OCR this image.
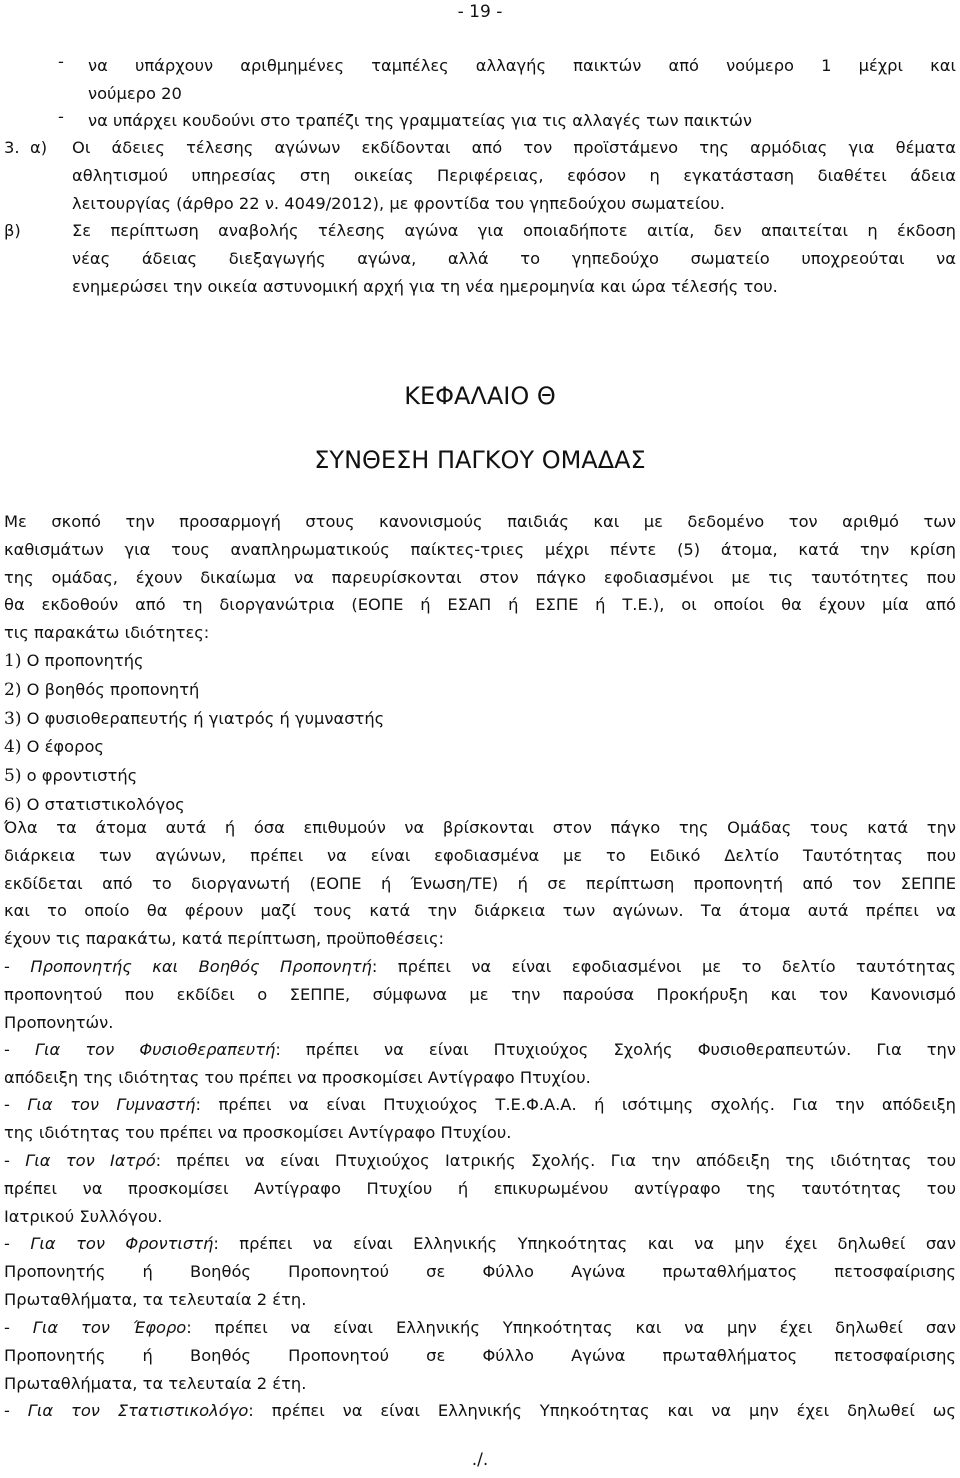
- 19 -
- να υπάρχουν αριθμημένες ταμπέλες αλλαγής παικτών από νούμερο 1 μέχρι και
νούμερο 20

- να υπάρχει κουδούνι στο τραπέζι της γραμματείας για τις αλλαγές των παικτών

3. α) Οι άδειες τέλεσης αγώνων εκδίδονται από τον προϊστάμενο της αρμόδιας για θέματα
αθλητισμού υπηρεσίας στη οικείας Περιφέρειας, εφόσον η εγκατάσταση διαθέτει άδεια
λειτουργίας (άρθρο 22 ν. 4049/2012), με φροντίδα του γηπεδούχου σωματείου.

β)	Σε περίπτωση αναβολής τέλεσης αγώνα για οποιαδήποτε αιτία, δεν απαιτείται η έκδοση
νέας άδειας διεξαγωγής αγώνα, αλλά το γηπεδούχο σωματείο υποχρεούται να
ενημερώσει την οικεία αστυνομική αρχή για τη νέα ημερομηνία και ώρα τέλεσής του.

ΚΕΦΑΛΑΙΟ Θ
ΣΥΝΘΕΣΗ ΠΑΓΚΟΥ ΟΜΑΔΑΣ

Με σκοπό την προσαρμογή στους κανονισμούς παιδιάς και με δεδομένο τον αριθμό των
καθισμάτων για τους αναπληρωματικούς παίκτες-τριες μέχρι πέντε (5) άτομα, κατά την κρίση
της ομάδας, έχουν δικαίωμα να παρευρίσκονται στον πάγκο εφοδιασμένοι με τις ταυτότητες που
θα εκδοθούν από τη διοργανώτρια (ΕΟΠΕ ή ΕΣΑΠ ή ΕΣΠΕ ή Τ.Ε.), οι οποίοι θα έχουν μία από
τις παρακάτω ιδιότητες:

1) Ο προπονητής
2) Ο βοηθός προπονητή
3) Ο φυσιοθεραπευτής ή γιατρός ή γυμναστής
4) Ο έφορος
5) ο φροντιστής
6) Ο στατιστικολόγος

Όλα τα άτομα αυτά ή όσα επιθυμούν να βρίσκονται στον πάγκο της Ομάδας τους κατά την
διάρκεια των αγώνων, πρέπει να είναι εφοδιασμένα με το Ειδικό Δελτίο Ταυτότητας που
εκδίδεται από το διοργανωτή (ΕΟΠΕ ή Ένωση/ΤΕ) ή σε περίπτωση προπονητή από τον ΣΕΠΠΕ
και το οποίο θα φέρουν μαζί τους κατά την διάρκεια των αγώνων. Τα άτομα αυτά πρέπει να
έχουν τις παρακάτω, κατά περίπτωση, προϋποθέσεις:

- Προπονητής και Βοηθός Προπονητή: πρέπει να είναι εφοδιασμένοι με το δελτίο ταυτότητας
προπονητού που εκδίδει ο ΣΕΠΠΕ, σύμφωνα με την παρούσα Προκήρυξη και τον Κανονισμό
Προπονητών.
- Για τον Φυσιοθεραπευτή: πρέπει να είναι Πτυχιούχος Σχολής Φυσιοθεραπευτών. Για την
απόδειξη της ιδιότητας του πρέπει να προσκομίσει Αντίγραφο Πτυχίου.
- Για τον Γυμναστή: πρέπει να είναι Πτυχιούχος Τ.Ε.Φ.Α.Α. ή ισότιμης σχολής. Για την απόδειξη
της ιδιότητας του πρέπει να προσκομίσει Αντίγραφο Πτυχίου.
- Για τον Ιατρό: πρέπει να είναι Πτυχιούχος Ιατρικής Σχολής. Για την απόδειξη της ιδιότητας του
πρέπει να προσκομίσει Αντίγραφο Πτυχίου ή επικυρωμένου αντίγραφο της ταυτότητας του
Ιατρικού Συλλόγου.
- Για τον Φροντιστή: πρέπει να είναι Ελληνικής Υπηκοότητας και να μην έχει δηλωθεί σαν
Προπονητής ή Βοηθός Προπονητού σε Φύλλο Αγώνα πρωταθλήματος πετοσφαίρισης
Πρωταθλήματα, τα τελευταία 2 έτη.
- Για τον Έφορο: πρέπει να είναι Ελληνικής Υπηκοότητας και να μην έχει δηλωθεί σαν
Προπονητής ή Βοηθός Προπονητού σε Φύλλο Αγώνα πρωταθλήματος πετοσφαίρισης
Πρωταθλήματα, τα τελευταία 2 έτη.
- Για τον Στατιστικολόγο: πρέπει να είναι Ελληνικής Υπηκοότητας και να μην έχει δηλωθεί ως
./.
